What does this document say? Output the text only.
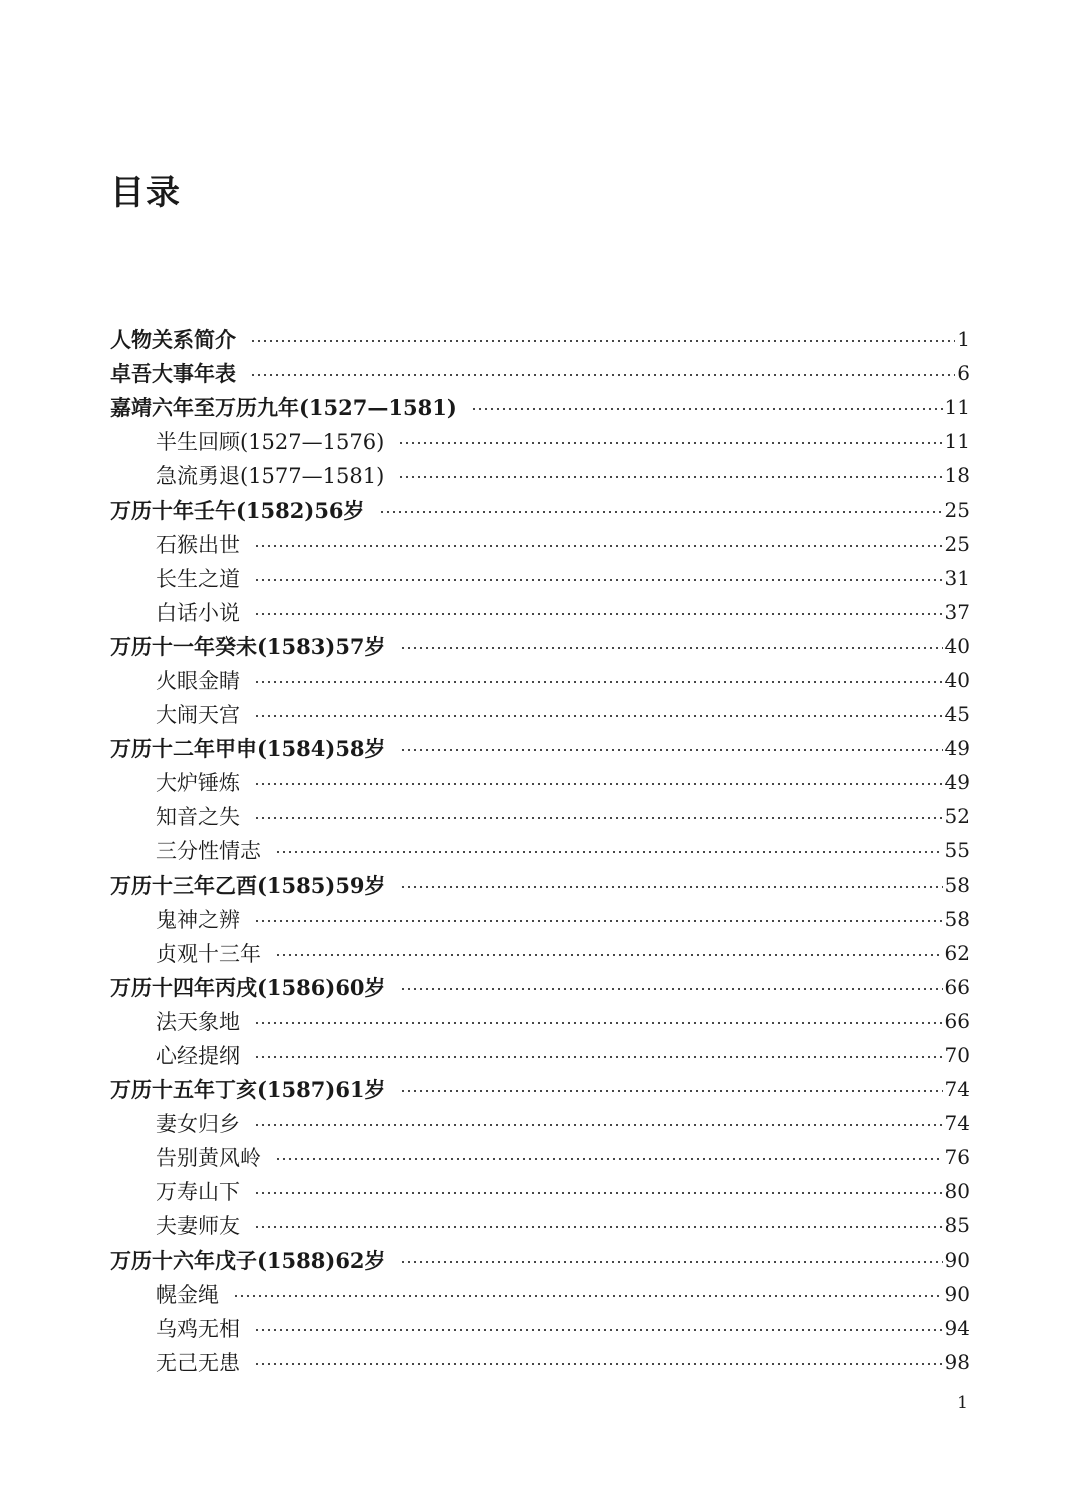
目录
人物关系简介	1
卓吾大事年表	6
嘉靖六年至万历九年(1527—1581)	11
半生回顾(1527—1576)	11
急流勇退(1577—1581)	18
万历十年壬午(1582)56岁	25
石猴出世	25
长生之道	31
白话小说	37
万历十一年癸未(1583)57岁	40
火眼金睛	40
大闹天宫	45
万历十二年甲申(1584)58岁	49
大炉锤炼	49
知音之失	52
三分性情志	55
万历十三年乙酉(1585)59岁	58
鬼神之辨	58
贞观十三年	62
万历十四年丙戌(1586)60岁	66
法天象地	66
心经提纲	70
万历十五年丁亥(1587)61岁	74
妻女归乡	74
告别黄风岭	76
万寿山下	80
夫妻师友	85
万历十六年戊子(1588)62岁	90
幌金绳	90
乌鸡无相	94
无己无患	98
1
